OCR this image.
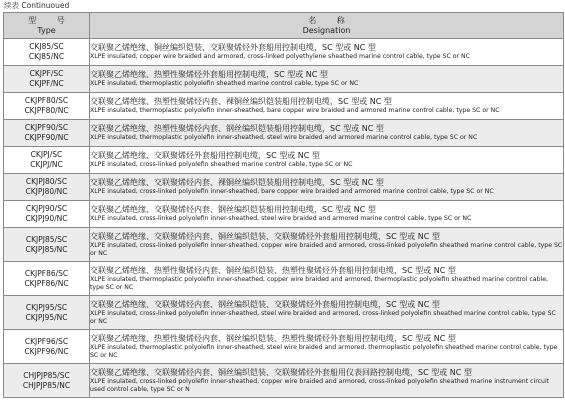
续表 Continuoued
型 号
Type	名 称
Designation

CKJ85/SC
CKJ85/NC	交联聚乙烯绝缘、铜丝编织铠装、交联聚烯烃外套船用控制电缆，SC 型或 NC 型
XLPE insulated, copper wire braided and armored, cross-linked polyethylene sheathed marine control cable, type SC or NC

CKJPF/SC
CKJPF/NC	交联聚乙烯绝缘、热塑性聚烯烃外套船用控制电缆，SC 型或 NC 型
XLPE insulated, thermoplastic polyolefin sheathed marine control cable, type SC or NC

CKJPF80/SC
CKJPF80/NC	交联聚乙烯绝缘、热塑性聚烯烃内套、裸铜丝编织铠装船用控制电缆，SC 型或 NC 型
XLPE insulated, thermoplastic polyolefin inner-sheathed, bare copper wire braided and armored marine control cable, type SC or NC

CKJPF90/SC
CKJPF90/NC	交联聚乙烯绝缘、热塑性聚烯烃内套、钢丝编织铠装船用控制电缆，SC 型或 NC 型
XLPE insulated, thermoplastic polyolefin inner-sheathed, steel wire braided and armored marine control cable, type SC or NC

CKJPJ/SC
CKJPJ/NC	交联聚乙烯绝缘、交联聚烯烃外套船用控制电缆，SC 型或 NC 型
XLPE insulated, cross-linked polyolefin sheathed marine control cable, type SC or NC

CKJPJ80/SC
CKJPJ80/NC	交联聚乙烯绝缘、交联聚烯烃内套、裸铜丝编织铠装船用控制电缆，SC 型或 NC 型
XLPE insulated, cross-linked polyolefin inner-sheathed, bare copper wire braided and armored marine control cable, type SC or NC

CKJPJ90/SC
CKJPJ90/NC	交联聚乙烯绝缘、交联聚烯烃内套、钢丝编织铠装船用控制电缆，SC 型或 NC 型
XLPE insulated, cross-linked polyolefin inner-sheathed, steel wire braided and armored marine control cable, type SC or NC

CKJPJ85/SC
CKJPJ85/NC	交联聚乙烯绝缘、交联聚烯烃内套、铜丝编织铠装、交联聚烯烃外套船用控制电缆，SC 型或 NC 型
XLPE insulated, cross-linked polyolefin inner-sheathed, copper wire braided and armored, cross-linked polyolefin sheathed marine control cable, type SC or NC

CKJPF86/SC
CKJPF86/NC	交联聚乙烯绝缘、热塑性聚烯烃内套、铜丝编织铠装、热塑性聚烯烃外套船用控制电缆，SC 型或 NC 型
XLPE insulated, thermoplastic polyolefin inner-sheathed, copper wire braided and armored, thermoplastic polyolefin sheathed marine control cable, type SC or NC

CKJPJ95/SC
CKJPJ95/NC	交联聚乙烯绝缘、交联聚烯烃内套、钢丝编织铠装、交联聚烯烃外套船用控制电缆，SC 型或 NC 型
XLPE insulated, cross-linked polyolefin inner-sheathed, steel wire braided and armored, cross-linked polyolefin sheathed marine control cable, type SC or NC

CKJPF96/SC
CKJPF96/NC	交联聚乙烯绝缘、热塑性聚烯烃内套、钢丝编织铠装、热塑性聚烯烃外套船用控制电缆，SC 型或 NC 型
XLPE insulated, thermoplastic polyolefin inner-sheathed, steel wire braided and armored, thermoplastic polyolefin sheathed marine control cable, type SC or NC

CHJPJP85/SC
CHJPJP85/NC	交联聚乙烯绝缘、交联聚烯烃内套、铜丝编织铠装、交联聚烯烃外套船用仪表回路控制电缆，SC 型或 NC 型
XLPE insulated, cross-linked polyolefin inner-sheathed, copper wire braided and armored, cross-linked polyolefin sheathed marine instrument circuit used control cable, type SC or N
